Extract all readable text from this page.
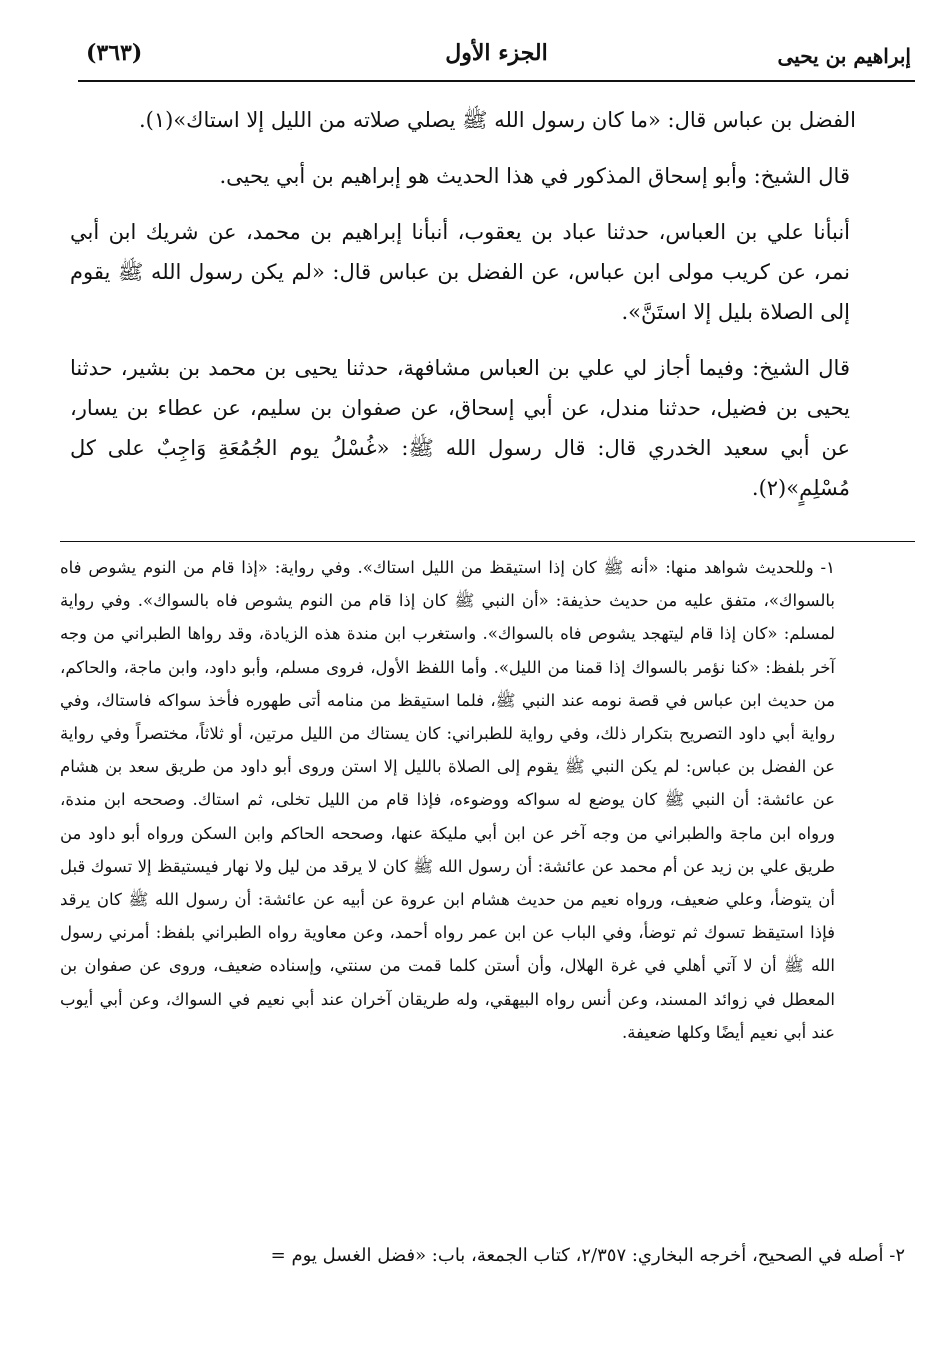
إبراهيم بن يحيى
الجزء الأول
(٣٦٣)

الفضل بن عباس قال: «ما كان رسول الله ﷺ يصلي صلاته من الليل إلا استاك»(١).

قال الشيخ: وأبو إسحاق المذكور في هذا الحديث هو إبراهيم بن أبي يحيى.

أنبأنا علي بن العباس، حدثنا عباد بن يعقوب، أنبأنا إبراهيم بن محمد، عن شريك ابن أبي نمر، عن كريب مولى ابن عباس، عن الفضل بن عباس قال: «لم يكن رسول الله ﷺ يقوم إلى الصلاة بليل إلا استَنَّ».

قال الشيخ: وفيما أجاز لي علي بن العباس مشافهة، حدثنا يحيى بن محمد بن بشير، حدثنا يحيى بن فضيل، حدثنا مندل، عن أبي إسحاق، عن صفوان بن سليم، عن عطاء بن يسار، عن أبي سعيد الخدري قال: قال رسول الله ﷺ: «غُسْلُ يوم الجُمُعَةِ وَاجِبٌ على كل مُسْلِمٍ»(٢).

١- وللحديث شواهد منها: «أنه ﷺ كان إذا استيقظ من الليل استاك». وفي رواية: «إذا قام من النوم يشوص فاه بالسواك»، متفق عليه من حديث حذيفة: «أن النبي ﷺ كان إذا قام من النوم يشوص فاه بالسواك». وفي رواية لمسلم: «كان إذا قام ليتهجد يشوص فاه بالسواك». واستغرب ابن مندة هذه الزيادة، وقد رواها الطبراني من وجه آخر بلفظ: «كنا نؤمر بالسواك إذا قمنا من الليل». وأما اللفظ الأول، فروى مسلم، وأبو داود، وابن ماجة، والحاكم، من حديث ابن عباس في قصة نومه عند النبي ﷺ، فلما استيقظ من منامه أتى طهوره فأخذ سواكه فاستاك، وفي رواية أبي داود التصريح بتكرار ذلك، وفي رواية للطبراني: كان يستاك من الليل مرتين، أو ثلاثاً، مختصراً وفي رواية عن الفضل بن عباس: لم يكن النبي ﷺ يقوم إلى الصلاة بالليل إلا استن وروى أبو داود من طريق سعد بن هشام عن عائشة: أن النبي ﷺ كان يوضع له سواكه ووضوءه، فإذا قام من الليل تخلى، ثم استاك. وصححه ابن مندة، ورواه ابن ماجة والطبراني من وجه آخر عن ابن أبي مليكة عنها، وصححه الحاكم وابن السكن ورواه أبو داود من طريق علي بن زيد عن أم محمد عن عائشة: أن رسول الله ﷺ كان لا يرقد من ليل ولا نهار فيستيقظ إلا تسوك قبل أن يتوضأ، وعلي ضعيف، ورواه نعيم من حديث هشام ابن عروة عن أبيه عن عائشة: أن رسول الله ﷺ كان يرقد فإذا استيقظ تسوك ثم توضأ، وفي الباب عن ابن عمر رواه أحمد، وعن معاوية رواه الطبراني بلفظ: أمرني رسول الله ﷺ أن لا آتي أهلي في غرة الهلال، وأن أستن كلما قمت من سنتي، وإسناده ضعيف، وروى عن صفوان بن المعطل في زوائد المسند، وعن أنس رواه البيهقي، وله طريقان آخران عند أبي نعيم في السواك، وعن أبي أيوب عند أبي نعيم أيضًا وكلها ضعيفة.

٢- أصله في الصحيح، أخرجه البخاري: ٢/٣٥٧، كتاب الجمعة، باب: «فضل الغسل يوم =
